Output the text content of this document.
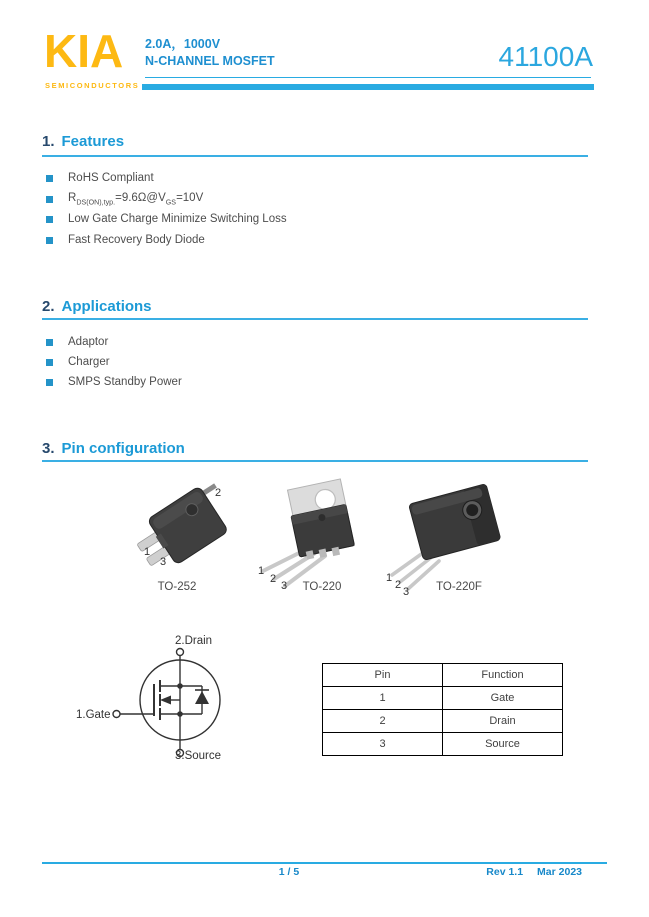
KIA
SEMICONDUCTORS
2.0A，1000V
N-CHANNEL MOSFET	41100A
1. Features
RoHS Compliant
$R_{DS(ON),typ.}=9.6\Omega@V_{GS}=10V$
Low Gate Charge Minimize Switching Loss
Fast Recovery Body Diode
2. Applications
Adaptor
Charger
SMPS Standby Power
3. Pin configuration
1
2
3
TO-252
1
2
3 TO-220
1
2
3 TO-220F
2.Drain
1.Gate
3.Source
Pin	Function
1	Gate
2	Drain
3	Source
1 / 5	Rev 1.1 Mar 2023
